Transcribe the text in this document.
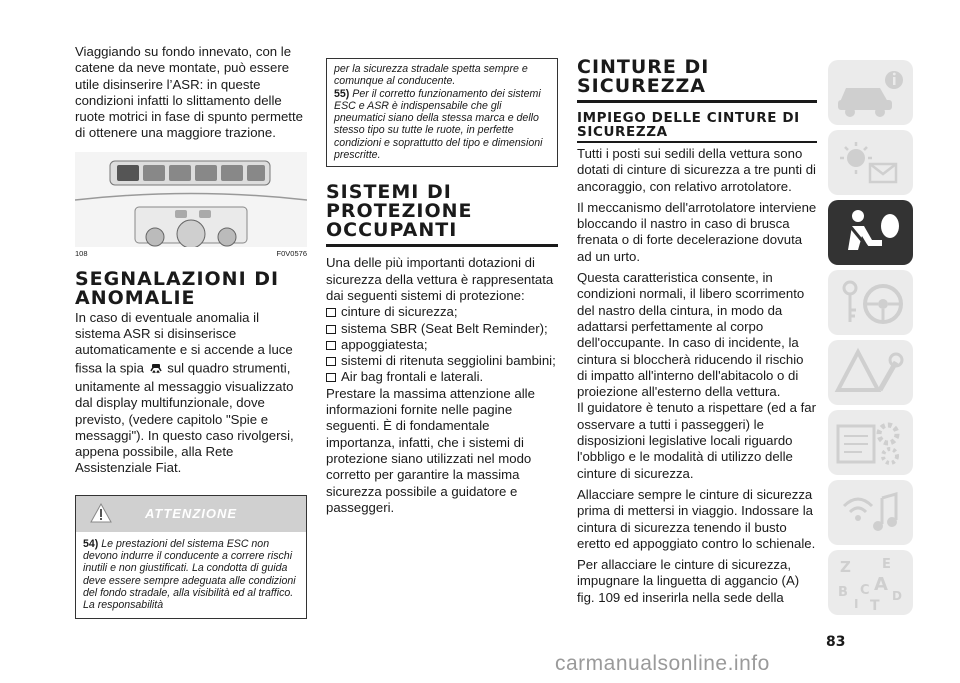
Viaggiando su fondo innevato, con le catene da neve montate, può essere utile disinserire l’ASR: in queste condizioni infatti lo slittamento delle ruote motrici in fase di spunto permette di ottenere una maggiore trazione.

108	F0V0576
SEGNALAZIONI DI ANOMALIE

In caso di eventuale anomalia il sistema ASR si disinserisce automaticamente e si accende a luce fissa la spia sul quadro strumenti, unitamente al messaggio visualizzato dal display multifunzionale, dove previsto, (vedere capitolo "Spie e messaggi"). In questo caso rivolgersi, appena possibile, alla Rete Assistenziale Fiat.

ATTENZIONE
54) Le prestazioni del sistema ESC non devono indurre il conducente a correre rischi inutili e non giustificati. La condotta di guida deve essere sempre adeguata alle condizioni del fondo stradale, alla visibilità ed al traffico. La responsabilità
per la sicurezza stradale spetta sempre e comunque al conducente.
55) Per il corretto funzionamento dei sistemi ESC e ASR è indispensabile che gli pneumatici siano della stessa marca e dello stesso tipo su tutte le ruote, in perfette condizioni e soprattutto del tipo e dimensioni prescritte.
SISTEMI DI PROTEZIONE OCCUPANTI

Una delle più importanti dotazioni di sicurezza della vettura è rappresentata dai seguenti sistemi di protezione:

cinture di sicurezza;
sistema SBR (Seat Belt Reminder);
appoggiatesta;
sistemi di ritenuta seggiolini bambini;
Air bag frontali e laterali.

Prestare la massima attenzione alle informazioni fornite nelle pagine seguenti. È di fondamentale importanza, infatti, che i sistemi di protezione siano utilizzati nel modo corretto per garantire la massima sicurezza possibile a guidatore e passeggeri.

CINTURE DI SICUREZZA
IMPIEGO DELLE CINTURE DI SICUREZZA

Tutti i posti sui sedili della vettura sono dotati di cinture di sicurezza a tre punti di ancoraggio, con relativo arrotolatore.

Il meccanismo dell'arrotolatore interviene bloccando il nastro in caso di brusca frenata o di forte decelerazione dovuta ad un urto.

Questa caratteristica consente, in condizioni normali, il libero scorrimento del nastro della cintura, in modo da adattarsi perfettamente al corpo dell'occupante. In caso di incidente, la cintura si bloccherà riducendo il rischio di impatto all'interno dell'abitacolo o di proiezione all'esterno della vettura.

Il guidatore è tenuto a rispettare (ed a far osservare a tutti i passeggeri) le disposizioni legislative locali riguardo l'obbligo e le modalità di utilizzo delle cinture di sicurezza.

Allacciare sempre le cinture di sicurezza prima di mettersi in viaggio. Indossare la cintura di sicurezza tenendo il busto eretto ed appoggiato contro lo schienale.

Per allacciare le cinture di sicurezza, impugnare la linguetta di aggancio (A) fig. 109 ed inserirla nella sede della

Z E
B A
I
C
T
D
83
carmanualsonline.info
